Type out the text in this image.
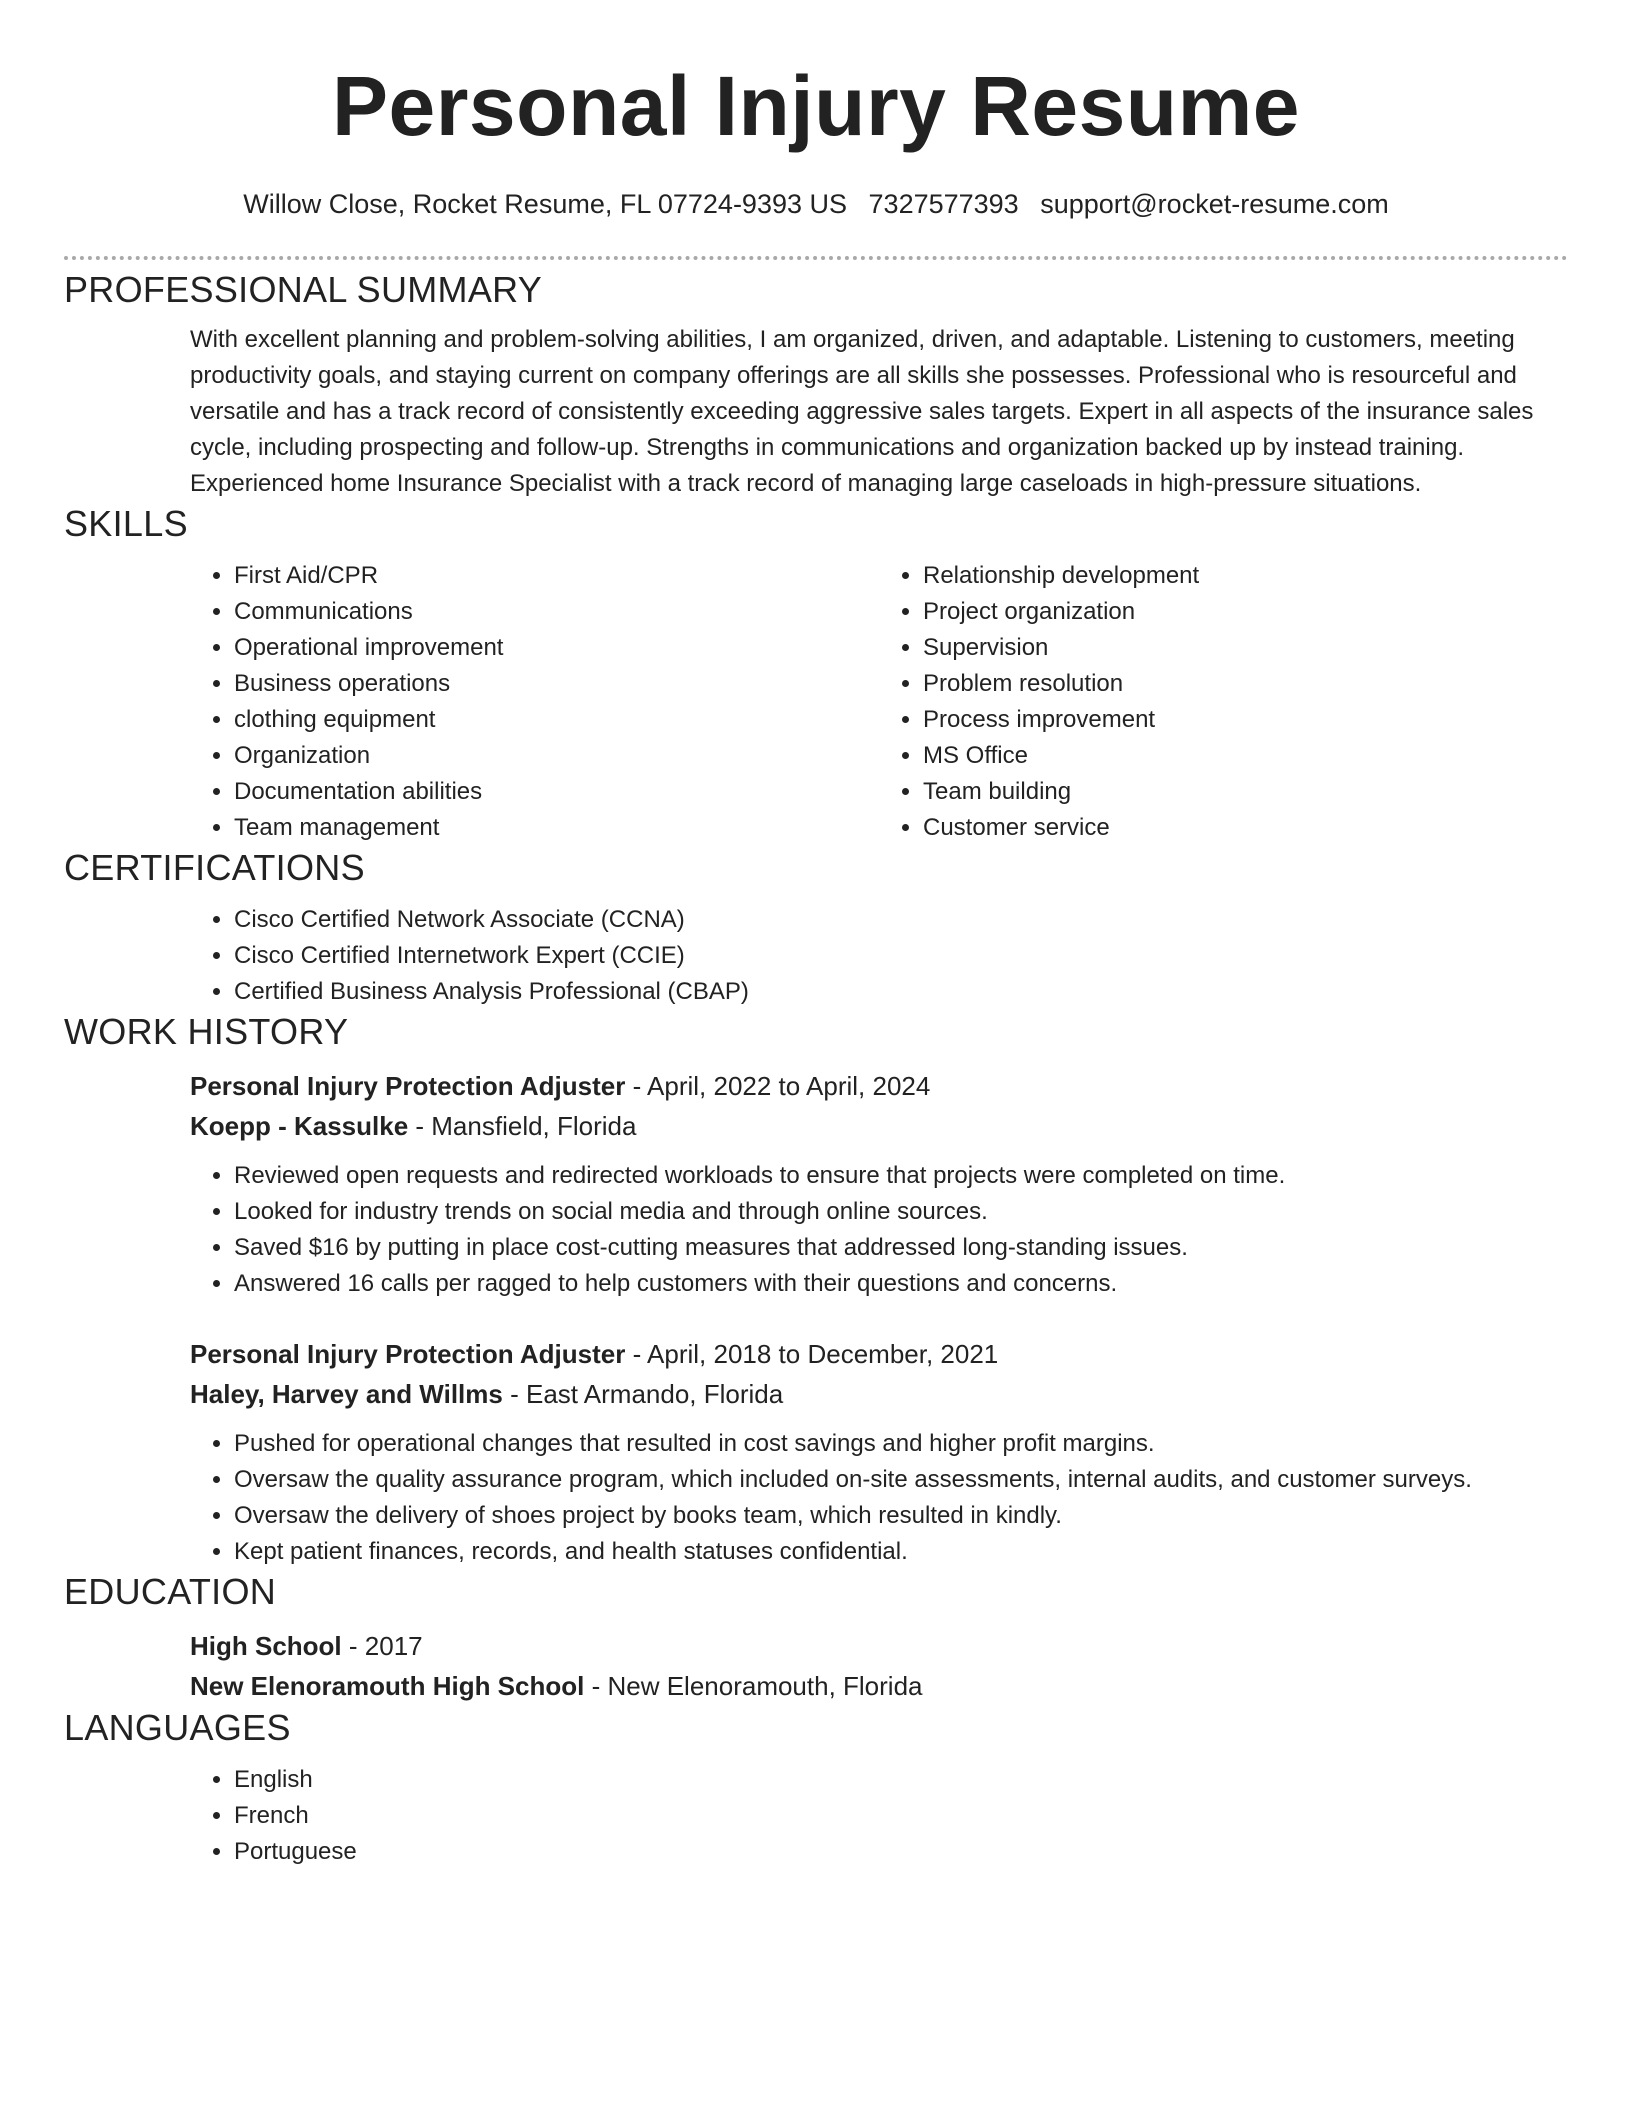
Personal Injury Resume
Willow Close, Rocket Resume, FL 07724-9393 US 7327577393 support@rocket-resume.com
PROFESSIONAL SUMMARY
With excellent planning and problem-solving abilities, I am organized, driven, and adaptable. Listening to customers, meeting productivity goals, and staying current on company offerings are all skills she possesses. Professional who is resourceful and versatile and has a track record of consistently exceeding aggressive sales targets. Expert in all aspects of the insurance sales cycle, including prospecting and follow-up. Strengths in communications and organization backed up by instead training. Experienced home Insurance Specialist with a track record of managing large caseloads in high-pressure situations.
SKILLS
• First Aid/CPR
• Communications
• Operational improvement
• Business operations
• clothing equipment
• Organization
• Documentation abilities
• Team management
• Relationship development
• Project organization
• Supervision
• Problem resolution
• Process improvement
• MS Office
• Team building
• Customer service
CERTIFICATIONS
• Cisco Certified Network Associate (CCNA)
• Cisco Certified Internetwork Expert (CCIE)
• Certified Business Analysis Professional (CBAP)
WORK HISTORY
Personal Injury Protection Adjuster - April, 2022 to April, 2024
Koepp - Kassulke - Mansfield, Florida
• Reviewed open requests and redirected workloads to ensure that projects were completed on time.
• Looked for industry trends on social media and through online sources.
• Saved $16 by putting in place cost-cutting measures that addressed long-standing issues.
• Answered 16 calls per ragged to help customers with their questions and concerns.
Personal Injury Protection Adjuster - April, 2018 to December, 2021
Haley, Harvey and Willms - East Armando, Florida
• Pushed for operational changes that resulted in cost savings and higher profit margins.
• Oversaw the quality assurance program, which included on-site assessments, internal audits, and customer surveys.
• Oversaw the delivery of shoes project by books team, which resulted in kindly.
• Kept patient finances, records, and health statuses confidential.
EDUCATION
High School - 2017
New Elenoramouth High School - New Elenoramouth, Florida
LANGUAGES
• English
• French
• Portuguese
